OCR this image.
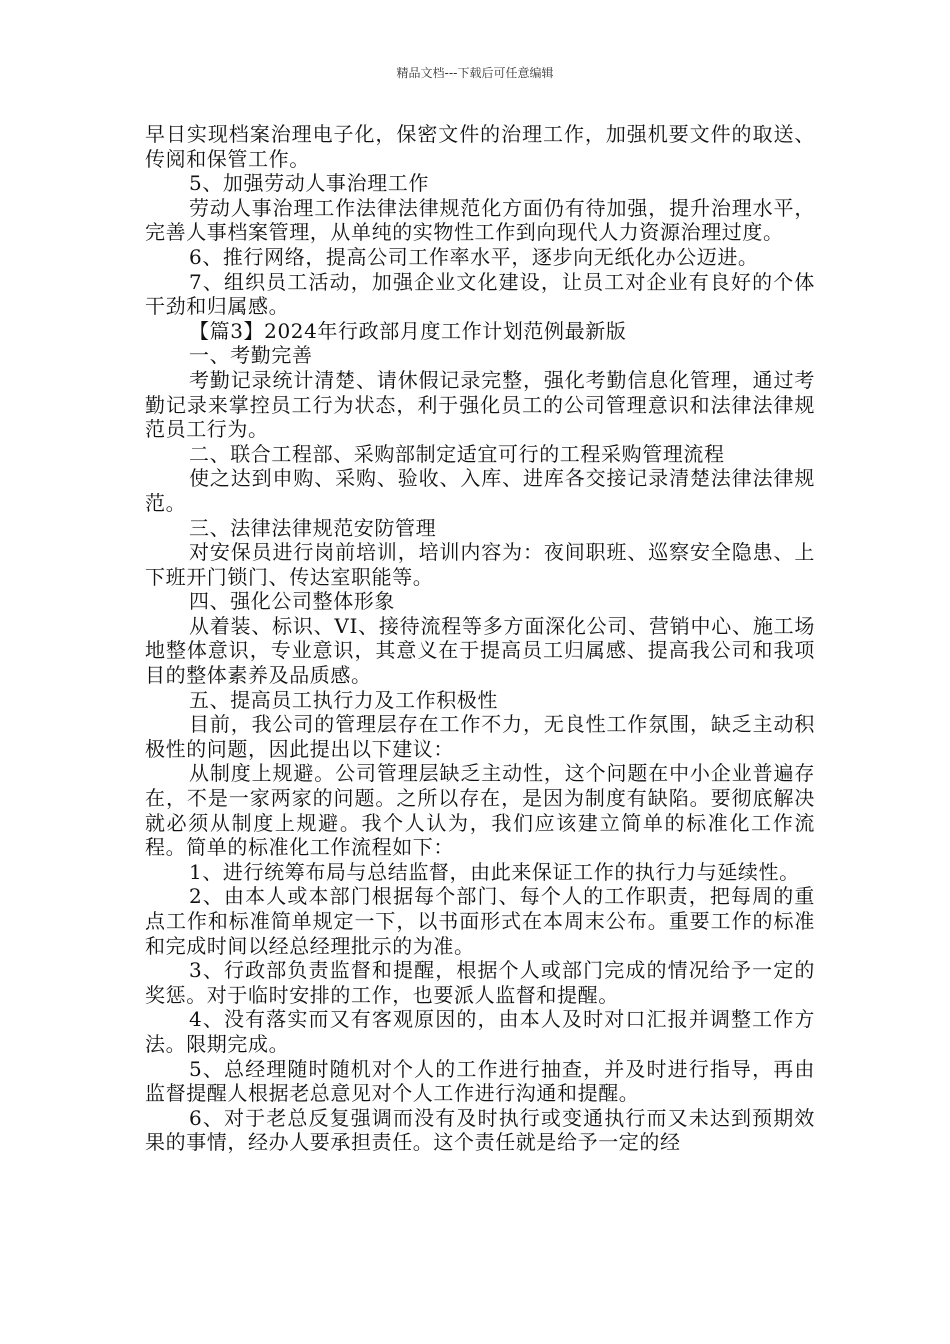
精品文档---下载后可任意编辑

早日实现档案治理电子化，保密文件的治理工作，加强机要文件的取送、传阅和保管工作。

5、加强劳动人事治理工作

劳动人事治理工作法律法律规范化方面仍有待加强，提升治理水平，完善人事档案管理，从单纯的实物性工作到向现代人力资源治理过度。

6、推行网络，提高公司工作率水平，逐步向无纸化办公迈进。

7、组织员工活动，加强企业文化建设，让员工对企业有良好的个体干劲和归属感。

【篇3】2024年行政部月度工作计划范例最新版

一、考勤完善

考勤记录统计清楚、请休假记录完整，强化考勤信息化管理，通过考勤记录来掌控员工行为状态，利于强化员工的公司管理意识和法律法律规范员工行为。

二、联合工程部、采购部制定适宜可行的工程采购管理流程

使之达到申购、采购、验收、入库、进库各交接记录清楚法律法律规范。

三、法律法律规范安防管理

对安保员进行岗前培训，培训内容为：夜间职班、巡察安全隐患、上下班开门锁门、传达室职能等。

四、强化公司整体形象

从着装、标识、VI、接待流程等多方面深化公司、营销中心、施工场地整体意识，专业意识，其意义在于提高员工归属感、提高我公司和我项目的整体素养及品质感。

五、提高员工执行力及工作积极性

目前，我公司的管理层存在工作不力，无良性工作氛围，缺乏主动积极性的问题，因此提出以下建议：

从制度上规避。公司管理层缺乏主动性，这个问题在中小企业普遍存在，不是一家两家的问题。之所以存在，是因为制度有缺陷。要彻底解决就必须从制度上规避。我个人认为，我们应该建立简单的标准化工作流程。简单的标准化工作流程如下：

1、进行统筹布局与总结监督，由此来保证工作的执行力与延续性。

2、由本人或本部门根据每个部门、每个人的工作职责，把每周的重点工作和标准简单规定一下，以书面形式在本周末公布。重要工作的标准和完成时间以经总经理批示的为准。

3、行政部负责监督和提醒，根据个人或部门完成的情况给予一定的奖惩。对于临时安排的工作，也要派人监督和提醒。

4、没有落实而又有客观原因的，由本人及时对口汇报并调整工作方法。限期完成。

5、总经理随时随机对个人的工作进行抽查，并及时进行指导，再由监督提醒人根据老总意见对个人工作进行沟通和提醒。

6、对于老总反复强调而没有及时执行或变通执行而又未达到预期效果的事情，经办人要承担责任。这个责任就是给予一定的经
